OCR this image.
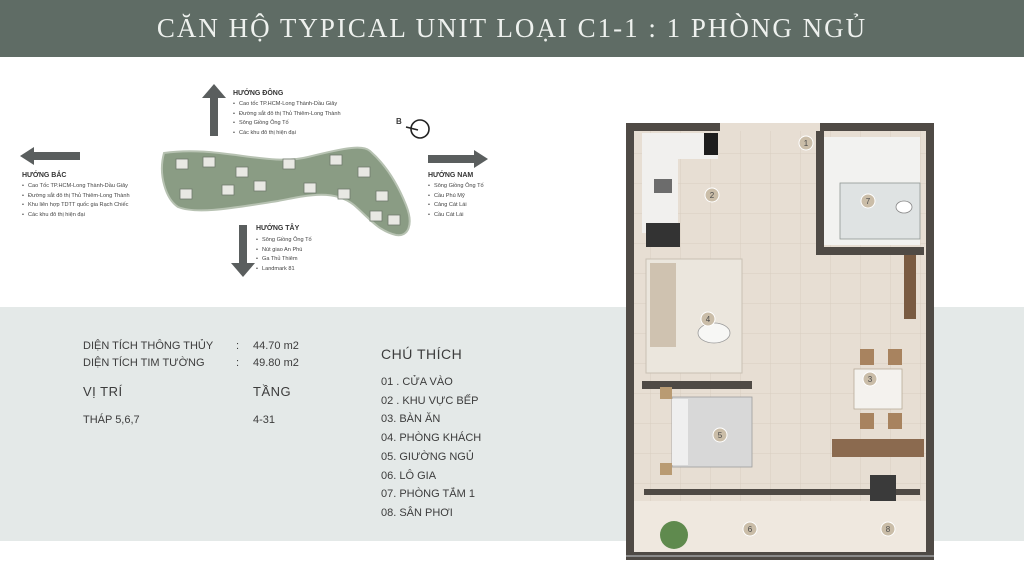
CĂN HỘ TYPICAL UNIT LOẠI C1-1 : 1 PHÒNG NGỦ
HƯỚNG ĐÔNG
• Cao tốc TP.HCM-Long Thành-Dầu Giây
• Đường sắt đô thị Thủ Thiêm-Long Thành
• Sông Giồng Ông Tố
• Các khu đô thị hiện đại
HƯỚNG BẮC
• Cao Tốc TP.HCM-Long Thành-Dầu Giây
• Đường sắt đô thị Thủ Thiêm-Long Thành
• Khu liên hợp TDTT quốc gia Rạch Chiếc
• Các khu đô thị hiện đại
HƯỚNG NAM
• Sông Giồng Ông Tố
• Cầu Phú Mỹ
• Cảng Cát Lái
• Cầu Cát Lái
HƯỚNG TÂY
• Sông Giồng Ông Tố
• Nút giao An Phú
• Ga Thủ Thiêm
• Landmark 81
B
DIỆN TÍCH THÔNG THỦY : 44.70 m2
DIỆN TÍCH TIM TƯỜNG	: 49.80 m2
VỊ TRÍ	TẦNG
THÁP 5,6,7	4-31
CHÚ THÍCH
01 . CỬA VÀO
02 . KHU VỰC BẾP
03. BÀN ĂN
04. PHÒNG KHÁCH
05. GIƯỜNG NGỦ
06. LÔ GIA
07. PHÒNG TẮM 1
08. SÂN PHƠI
1
2
3
4
5
6
7
8
